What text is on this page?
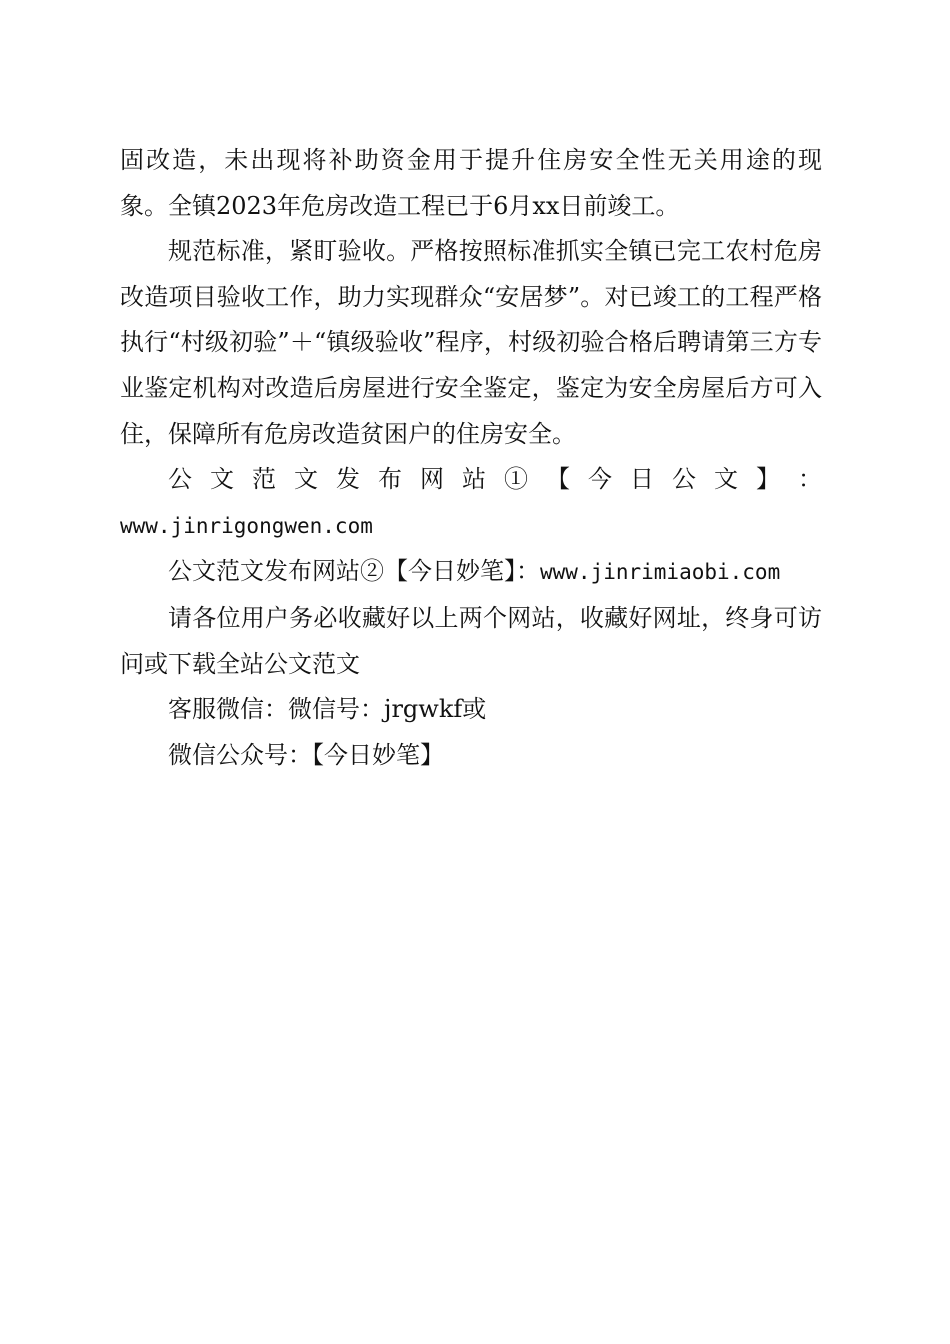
固改造，未出现将补助资金用于提升住房安全性无关用途的现

象。全镇2023年危房改造工程已于6月xx日前竣工。

规范标准，紧盯验收。严格按照标准抓实全镇已完工农村危房改造项目验收工作，助力实现群众“安居梦”。对已竣工的工程严格执行“村级初验”＋“镇级验收”程序，村级初验合格后聘请第三方专业鉴定机构对改造后房屋进行安全鉴定，鉴定为安全房屋后方可入住，保障所有危房改造贫困户的住房安全。

公 文 范 文 发 布 网 站 ① 【 今 日 公 文 】 ：

www.jinrigongwen.com

公文范文发布网站②【今日妙笔】：www.jinrimiaobi.com

请各位用户务必收藏好以上两个网站，收藏好网址，终身可访问或下载全站公文范文

客服微信：微信号：jrgwkf或

微信公众号：【今日妙笔】
